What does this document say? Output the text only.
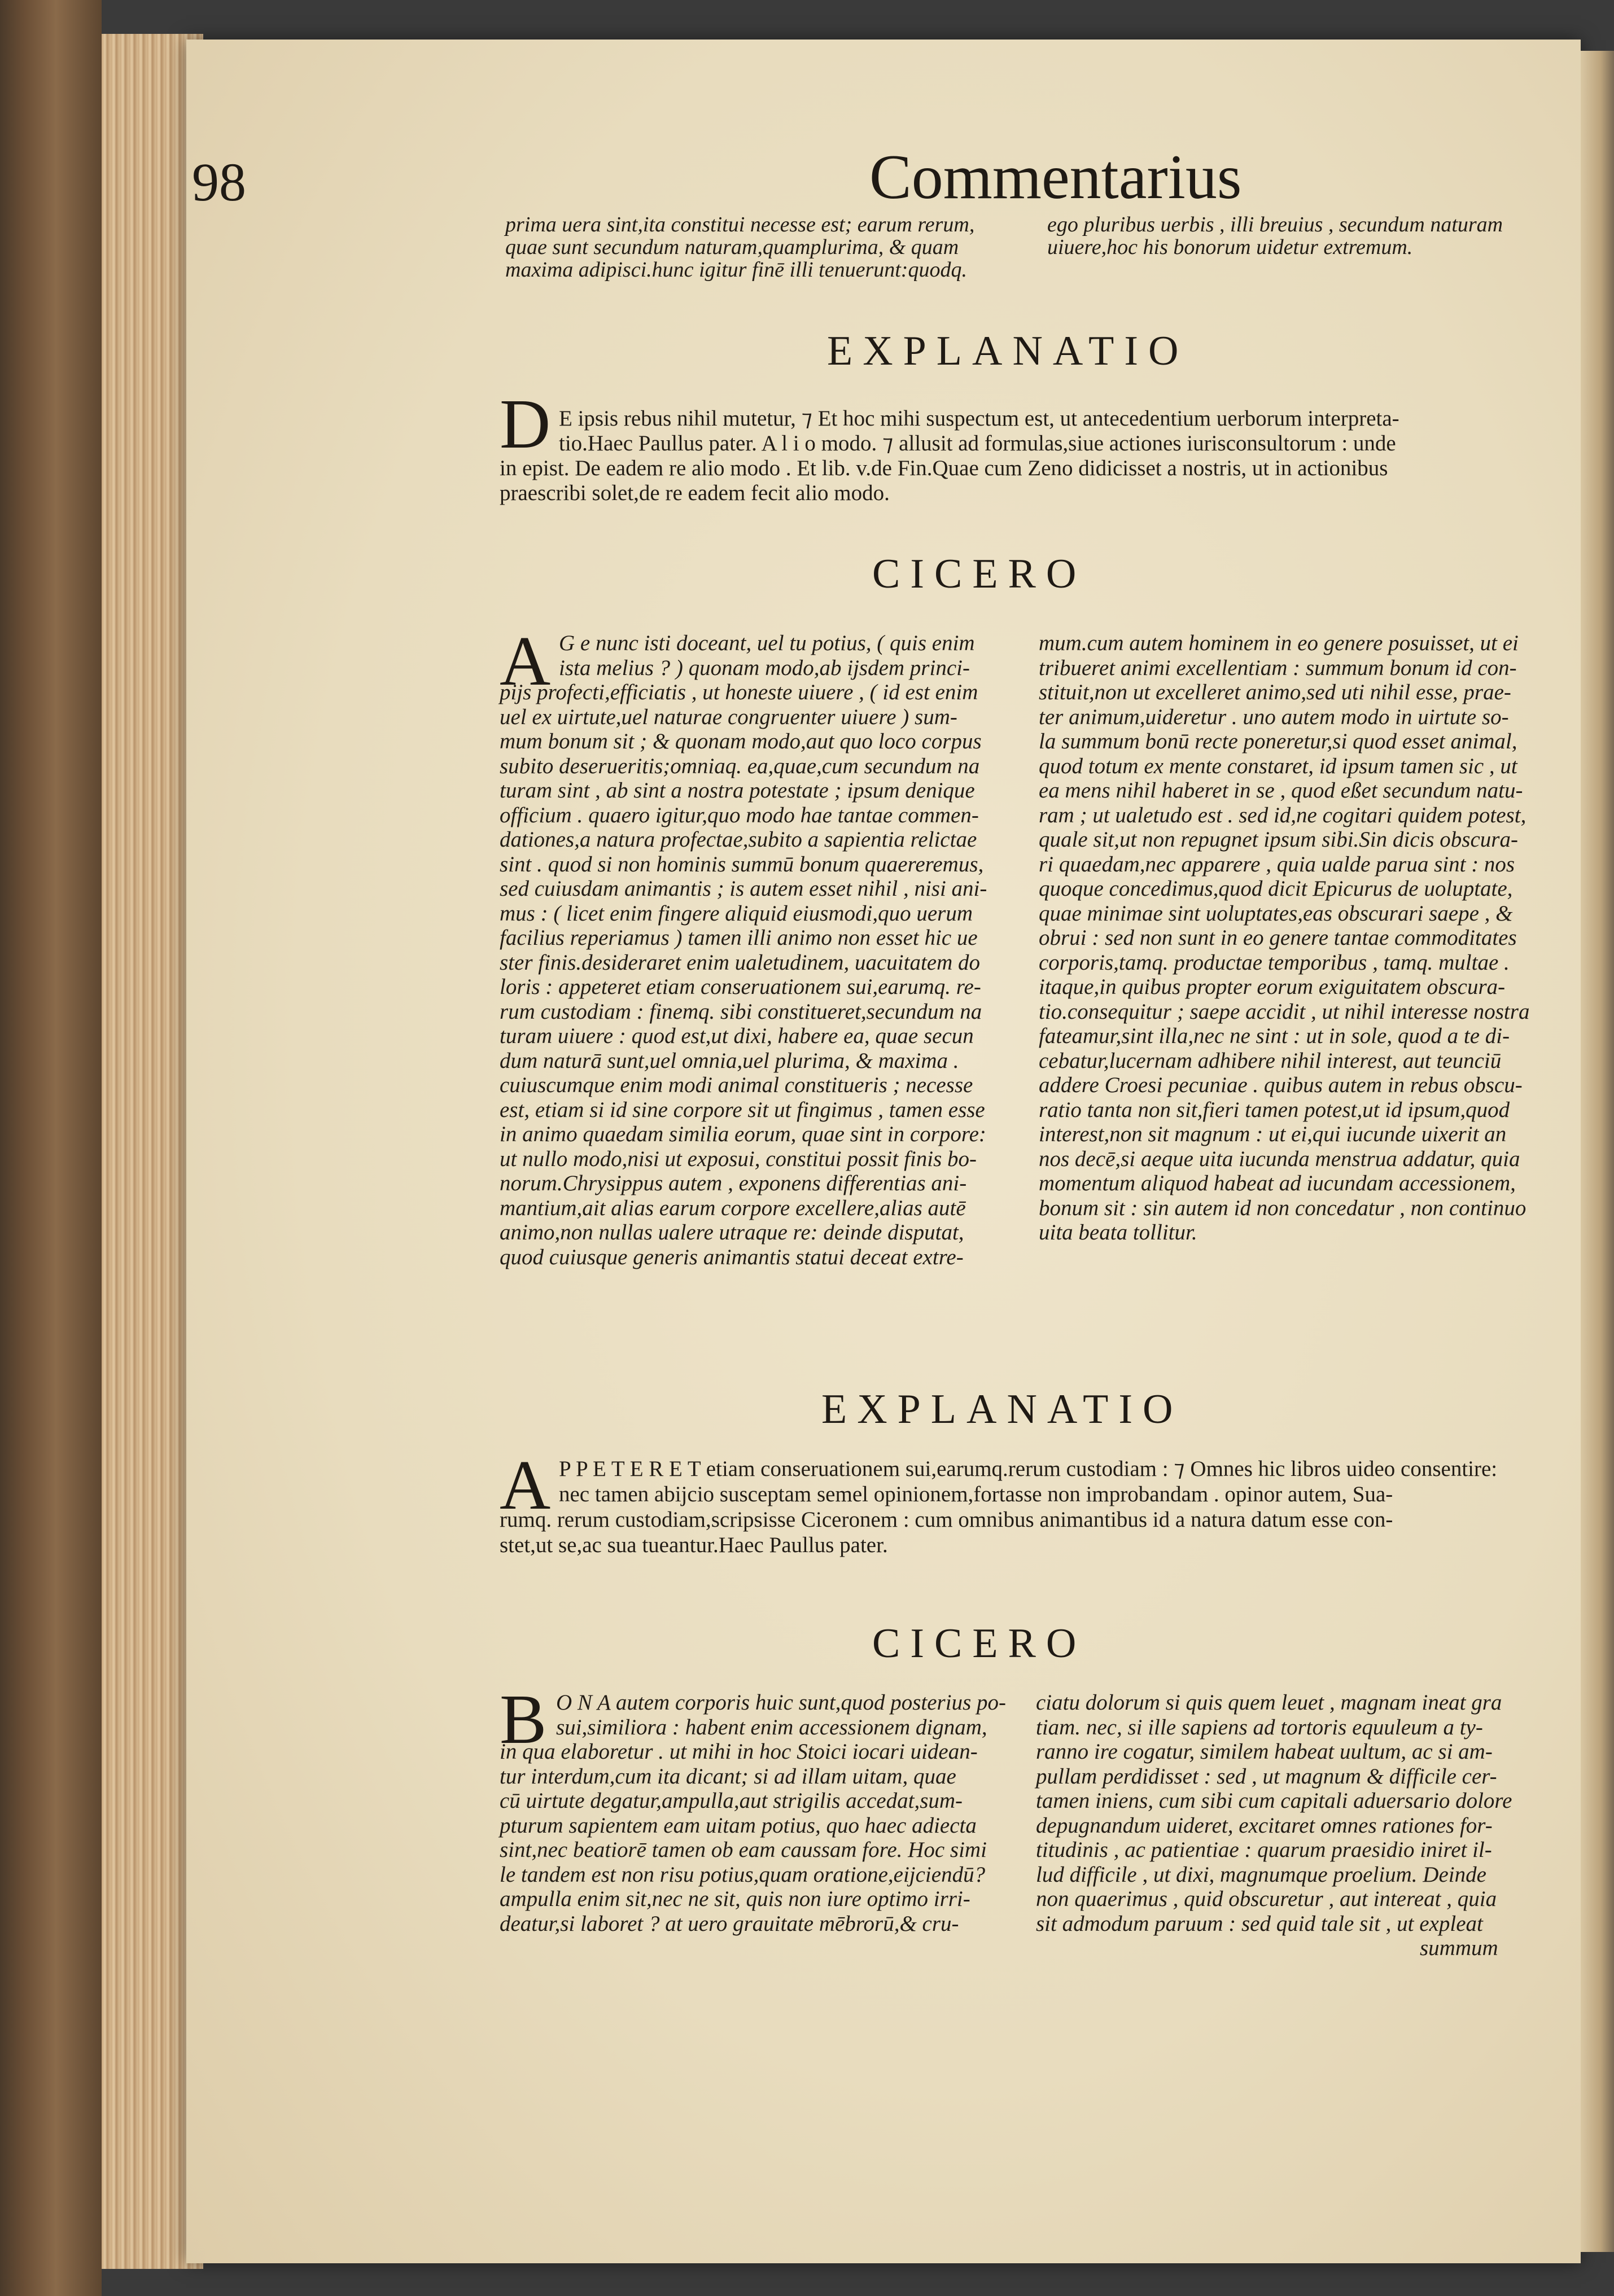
98	Commentarius
prima uera sint,ita constitui necesse est; earum rerum,
quae sunt secundum naturam,quamplurima, & quam
maxima adipisci.hunc igitur finē illi tenuerunt:quodq.
ego pluribus uerbis , illi breuius , secundum naturam
uiuere,hoc his bonorum uidetur extremum.
EXPLANATIO
D E ipsis rebus nihil mutetur, ⁊ Et hoc mihi suspectum est, ut antecedentium uerborum interpreta-
tio.Haec Paullus pater. A l i o modo. ⁊ allusit ad formulas,siue actiones iurisconsultorum : unde
in epist. De eadem re alio modo . Et lib. v.de Fin.Quae cum Zeno didicisset a nostris, ut in actionibus
praescribi solet,de re eadem fecit alio modo.
CICERO
A G e nunc isti doceant, uel tu potius, ( quis enim
ista melius ? ) quonam modo,ab ijsdem princi-
pijs profecti,efficiatis , ut honeste uiuere , ( id est enim
uel ex uirtute,uel naturae congruenter uiuere ) sum-
mum bonum sit ; & quonam modo,aut quo loco corpus
subito deserueritis;omniaq. ea,quae,cum secundum na
turam sint , ab sint a nostra potestate ; ipsum denique
officium . quaero igitur,quo modo hae tantae commen-
dationes,a natura profectae,subito a sapientia relictae
sint . quod si non hominis summū bonum quaereremus,
sed cuiusdam animantis ; is autem esset nihil , nisi ani-
mus : ( licet enim fingere aliquid eiusmodi,quo uerum
facilius reperiamus ) tamen illi animo non esset hic ue
ster finis.desideraret enim ualetudinem, uacuitatem do
loris : appeteret etiam conseruationem sui,earumq. re-
rum custodiam : finemq. sibi constitueret,secundum na
turam uiuere : quod est,ut dixi, habere ea, quae secun
dum naturā sunt,uel omnia,uel plurima, & maxima .
cuiuscumque enim modi animal constitueris ; necesse
est, etiam si id sine corpore sit ut fingimus , tamen esse
in animo quaedam similia eorum, quae sint in corpore:
ut nullo modo,nisi ut exposui, constitui possit finis bo-
norum.Chrysippus autem , exponens differentias ani-
mantium,ait alias earum corpore excellere,alias autē
animo,non nullas ualere utraque re: deinde disputat,
quod cuiusque generis animantis statui deceat extre-
mum.cum autem hominem in eo genere posuisset, ut ei
tribueret animi excellentiam : summum bonum id con-
stituit,non ut excelleret animo,sed uti nihil esse, prae-
ter animum,uideretur . uno autem modo in uirtute so-
la summum bonū recte poneretur,si quod esset animal,
quod totum ex mente constaret, id ipsum tamen sic , ut
ea mens nihil haberet in se , quod eßet secundum natu-
ram ; ut ualetudo est . sed id,ne cogitari quidem potest,
quale sit,ut non repugnet ipsum sibi.Sin dicis obscura-
ri quaedam,nec apparere , quia ualde parua sint : nos
quoque concedimus,quod dicit Epicurus de uoluptate,
quae minimae sint uoluptates,eas obscurari saepe , &
obrui : sed non sunt in eo genere tantae commoditates
corporis,tamq. productae temporibus , tamq. multae .
itaque,in quibus propter eorum exiguitatem obscura-
tio.consequitur ; saepe accidit , ut nihil interesse nostra
fateamur,sint illa,nec ne sint : ut in sole, quod a te di-
cebatur,lucernam adhibere nihil interest, aut teunciū
addere Croesi pecuniae . quibus autem in rebus obscu-
ratio tanta non sit,fieri tamen potest,ut id ipsum,quod
interest,non sit magnum : ut ei,qui iucunde uixerit an
nos decē,si aeque uita iucunda menstrua addatur, quia
momentum aliquod habeat ad iucundam accessionem,
bonum sit : sin autem id non concedatur , non continuo
uita beata tollitur.
EXPLANATIO
A P P E T E R E T etiam conseruationem sui,earumq.rerum custodiam : ⁊ Omnes hic libros uideo consentire:
nec tamen abijcio susceptam semel opinionem,fortasse non improbandam . opinor autem, Sua-
rumq. rerum custodiam,scripsisse Ciceronem : cum omnibus animantibus id a natura datum esse con-
stet,ut se,ac sua tueantur.Haec Paullus pater.
CICERO
B O N A autem corporis huic sunt,quod posterius po-
sui,similiora : habent enim accessionem dignam,
in qua elaboretur . ut mihi in hoc Stoici iocari uidean-
tur interdum,cum ita dicant; si ad illam uitam, quae
cū uirtute degatur,ampulla,aut strigilis accedat,sum-
pturum sapientem eam uitam potius, quo haec adiecta
sint,nec beatiorē tamen ob eam caussam fore. Hoc simi
le tandem est non risu potius,quam oratione,eijciendū?
ampulla enim sit,nec ne sit, quis non iure optimo irri-
deatur,si laboret ? at uero grauitate mēbrorū,& cru-
ciatu dolorum si quis quem leuet , magnam ineat gra
tiam. nec, si ille sapiens ad tortoris equuleum a ty-
ranno ire cogatur, similem habeat uultum, ac si am-
pullam perdidisset : sed , ut magnum & difficile cer-
tamen iniens, cum sibi cum capitali aduersario dolore
depugnandum uideret, excitaret omnes rationes for-
titudinis , ac patientiae : quarum praesidio iniret il-
lud difficile , ut dixi, magnumque proelium. Deinde
non quaerimus , quid obscuretur , aut intereat , quia
sit admodum paruum : sed quid tale sit , ut expleat
summum
